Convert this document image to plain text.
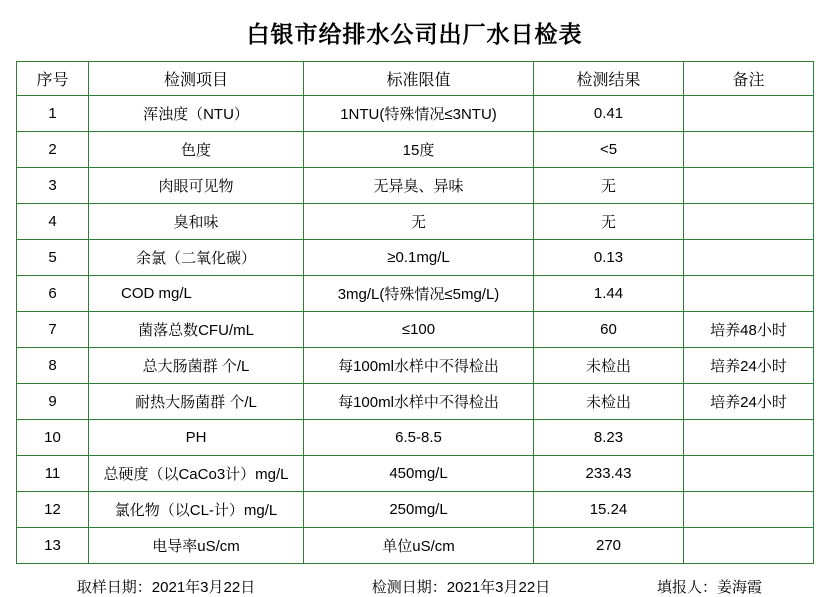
白银市给排水公司出厂水日检表
序号	检测项目	标准限值	检测结果	备注
1	浑浊度（NTU）	1NTU(特殊情况≤3NTU)	0.41	
2	色度	15度	<5	
3	肉眼可见物	无异臭、异味	无	
4	臭和味	无	无	
5	余氯（二氧化碳）	≥0.1mg/L	0.13	
6	COD mg/L	3mg/L(特殊情况≤5mg/L)	1.44	
7	菌落总数CFU/mL	≤100	60	培养48小时
8	总大肠菌群 个/L	每100ml水样中不得检出	未检出	培养24小时
9	耐热大肠菌群 个/L	每100ml水样中不得检出	未检出	培养24小时
10	PH	6.5-8.5	8.23	
11	总硬度（以CaCo3计）mg/L	450mg/L	233.43	
12	氯化物（以CL-计）mg/L	250mg/L	15.24	
13	电导率uS/cm	单位uS/cm	270	
取样日期：2021年3月22日	检测日期：2021年3月22日	填报人：姜海霞
